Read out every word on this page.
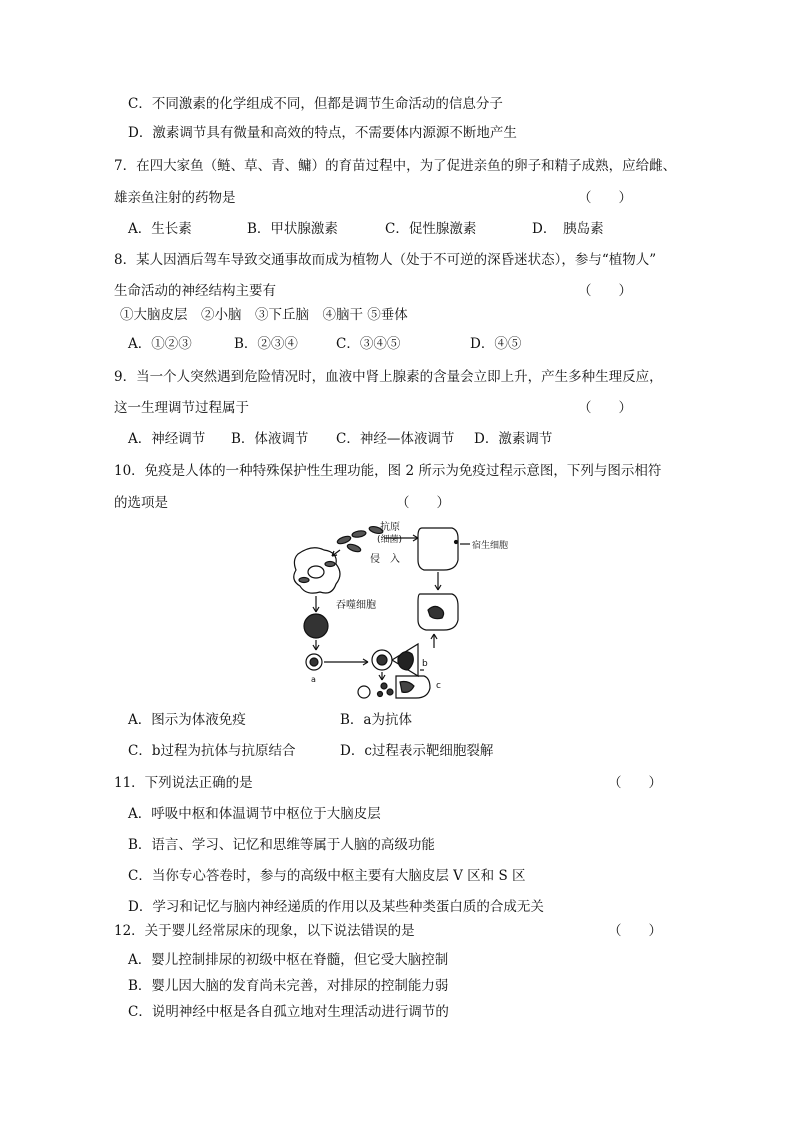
C．不同激素的化学组成不同，但都是调节生命活动的信息分子
D．激素调节具有微量和高效的特点，不需要体内源源不断地产生
7．在四大家鱼（鲢、草、青、鳙）的育苗过程中，为了促进亲鱼的卵子和精子成熟，应给雌、
雄亲鱼注射的药物是	（　　）
A．生长素	B．甲状腺激素	C．促性腺激素	D．　胰岛素
8．某人因酒后驾车导致交通事故而成为植物人（处于不可逆的深昏迷状态），参与“植物人”
生命活动的神经结构主要有	（　　）
①大脑皮层　②小脑　③下丘脑　④脑干 ⑤垂体
A．①②③	B．②③④	C．③④⑤	D．④⑤
9．当一个人突然遇到危险情况时，血液中肾上腺素的含量会立即上升，产生多种生理反应，
这一生理调节过程属于	（　　）
A．神经调节 B．体液调节 C．神经—体液调节 D．激素调节
10．免疫是人体的一种特殊保护性生理功能，图 2 所示为免疫过程示意图，下列与图示相符
的选项是	（　　）
抗原
(细菌)
侵　入
宿生细胞
吞噬细胞
a
b
c
A．图示为体液免疫	B．a为抗体
C．b过程为抗体与抗原结合	D．c过程表示靶细胞裂解
11．下列说法正确的是	（　　）
A．呼吸中枢和体温调节中枢位于大脑皮层
B．语言、学习、记忆和思维等属于人脑的高级功能
C．当你专心答卷时，参与的高级中枢主要有大脑皮层 V 区和 S 区
D．学习和记忆与脑内神经递质的作用以及某些种类蛋白质的合成无关
12．关于婴儿经常尿床的现象，以下说法错误的是	（　　）
A．婴儿控制排尿的初级中枢在脊髓，但它受大脑控制
B．婴儿因大脑的发育尚未完善，对排尿的控制能力弱
C．说明神经中枢是各自孤立地对生理活动进行调节的
